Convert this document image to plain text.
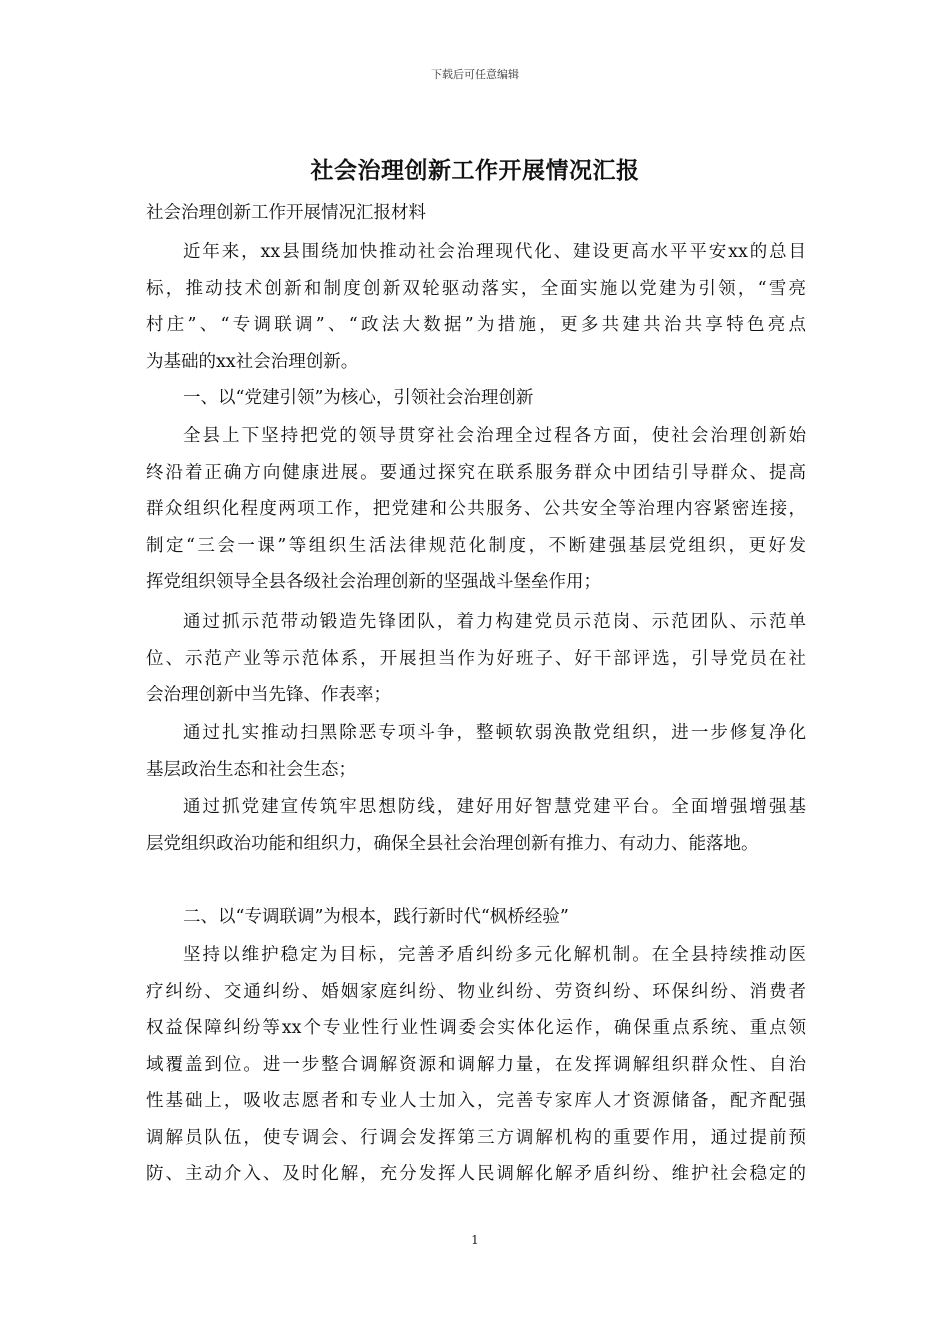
下载后可任意编辑
社会治理创新工作开展情况汇报
社会治理创新工作开展情况汇报材料
近年来，xx县围绕加快推动社会治理现代化、建设更高水平平安xx的总目
标，推动技术创新和制度创新双轮驱动落实，全面实施以党建为引领，“雪亮
村庄”、“专调联调”、“政法大数据”为措施，更多共建共治共享特色亮点
为基础的xx社会治理创新。
一、以“党建引领”为核心，引领社会治理创新
全县上下坚持把党的领导贯穿社会治理全过程各方面，使社会治理创新始
终沿着正确方向健康进展。要通过探究在联系服务群众中团结引导群众、提高
群众组织化程度两项工作，把党建和公共服务、公共安全等治理内容紧密连接，
制定“三会一课”等组织生活法律规范化制度，不断建强基层党组织，更好发
挥党组织领导全县各级社会治理创新的坚强战斗堡垒作用；
通过抓示范带动锻造先锋团队，着力构建党员示范岗、示范团队、示范单
位、示范产业等示范体系，开展担当作为好班子、好干部评选，引导党员在社
会治理创新中当先锋、作表率；
通过扎实推动扫黑除恶专项斗争，整顿软弱涣散党组织，进一步修复净化
基层政治生态和社会生态；
通过抓党建宣传筑牢思想防线，建好用好智慧党建平台。全面增强增强基
层党组织政治功能和组织力，确保全县社会治理创新有推力、有动力、能落地。
二、以“专调联调”为根本，践行新时代“枫桥经验”
坚持以维护稳定为目标，完善矛盾纠纷多元化解机制。在全县持续推动医
疗纠纷、交通纠纷、婚姻家庭纠纷、物业纠纷、劳资纠纷、环保纠纷、消费者
权益保障纠纷等xx个专业性行业性调委会实体化运作，确保重点系统、重点领
域覆盖到位。进一步整合调解资源和调解力量，在发挥调解组织群众性、自治
性基础上，吸收志愿者和专业人士加入，完善专家库人才资源储备，配齐配强
调解员队伍，使专调会、行调会发挥第三方调解机构的重要作用，通过提前预
防、主动介入、及时化解，充分发挥人民调解化解矛盾纠纷、维护社会稳定的
1
